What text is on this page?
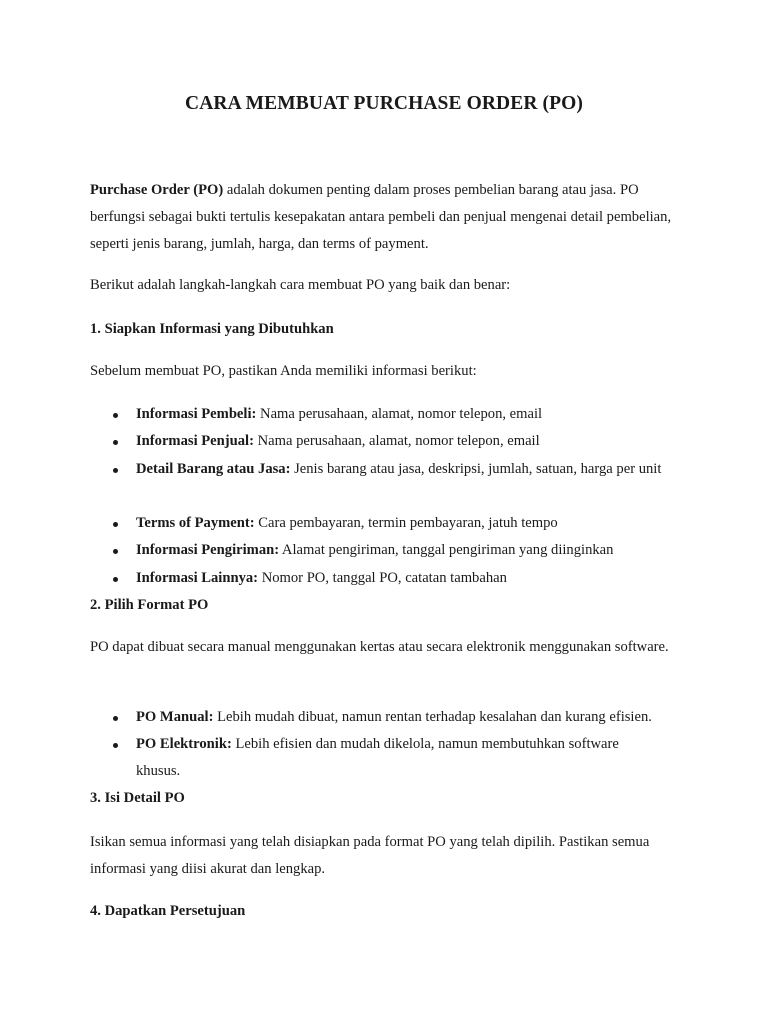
CARA MEMBUAT PURCHASE ORDER (PO)

Purchase Order (PO) adalah dokumen penting dalam proses pembelian barang atau jasa. PO berfungsi sebagai bukti tertulis kesepakatan antara pembeli dan penjual mengenai detail pembelian, seperti jenis barang, jumlah, harga, dan terms of payment.

Berikut adalah langkah-langkah cara membuat PO yang baik dan benar:

1. Siapkan Informasi yang Dibutuhkan

Sebelum membuat PO, pastikan Anda memiliki informasi berikut:

Informasi Pembeli: Nama perusahaan, alamat, nomor telepon, email

Informasi Penjual: Nama perusahaan, alamat, nomor telepon, email

Detail Barang atau Jasa: Jenis barang atau jasa, deskripsi, jumlah, satuan, harga per unit

Terms of Payment: Cara pembayaran, termin pembayaran, jatuh tempo

Informasi Pengiriman: Alamat pengiriman, tanggal pengiriman yang diinginkan

Informasi Lainnya: Nomor PO, tanggal PO, catatan tambahan

2. Pilih Format PO

PO dapat dibuat secara manual menggunakan kertas atau secara elektronik menggunakan software.

PO Manual: Lebih mudah dibuat, namun rentan terhadap kesalahan dan kurang efisien.

PO Elektronik: Lebih efisien dan mudah dikelola, namun membutuhkan software khusus.

3. Isi Detail PO

Isikan semua informasi yang telah disiapkan pada format PO yang telah dipilih. Pastikan semua informasi yang diisi akurat dan lengkap.

4. Dapatkan Persetujuan
